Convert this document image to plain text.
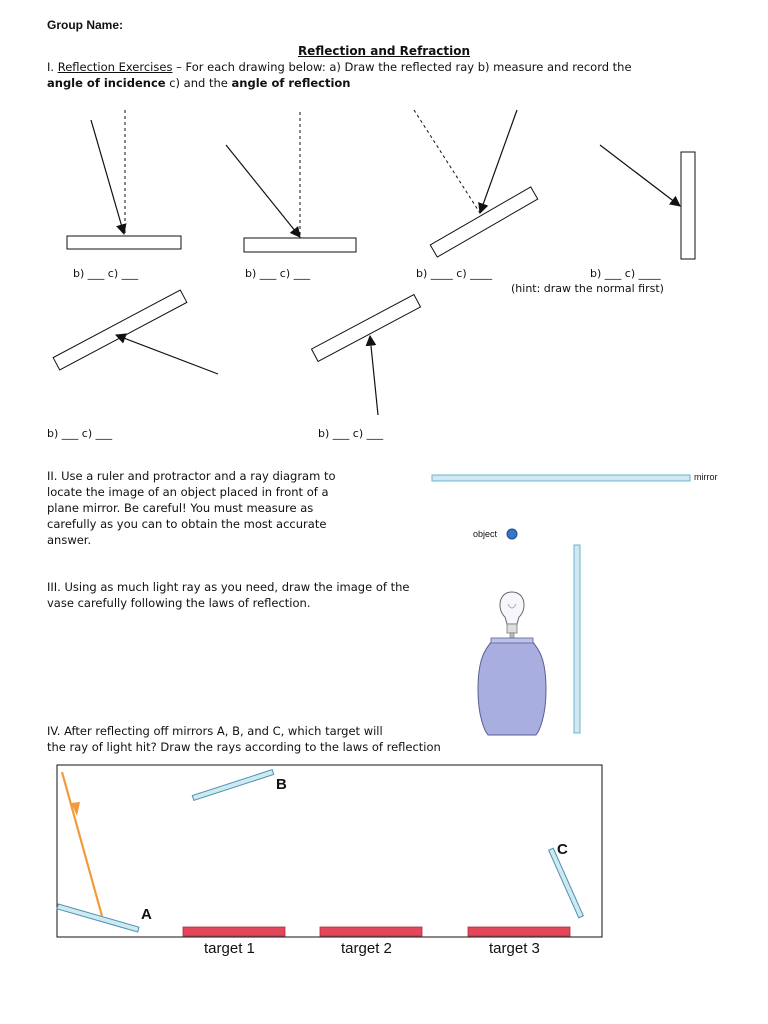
Group Name:
Reflection and Refraction
I. Reflection Exercises – For each drawing below: a) Draw the reflected ray b) measure and record the
angle of incidence c) and the angle of reflection
b) ___ c) ___	b) ___ c) ___	b) ____ c) ____	b) ___ c) ____
(hint: draw the normal first)
b) ___ c) ___	b) ___ c) ___
II. Use a ruler and protractor and a ray diagram to
locate the image of an object placed in front of a
plane mirror. Be careful! You must measure as
carefully as you can to obtain the most accurate
answer.
mirror
object
III. Using as much light ray as you need, draw the image of the
vase carefully following the laws of reflection.
IV. After reflecting off mirrors A, B, and C, which target will
the ray of light hit? Draw the rays according to the laws of reflection
A
B
C
target 1	target 2	target 3
